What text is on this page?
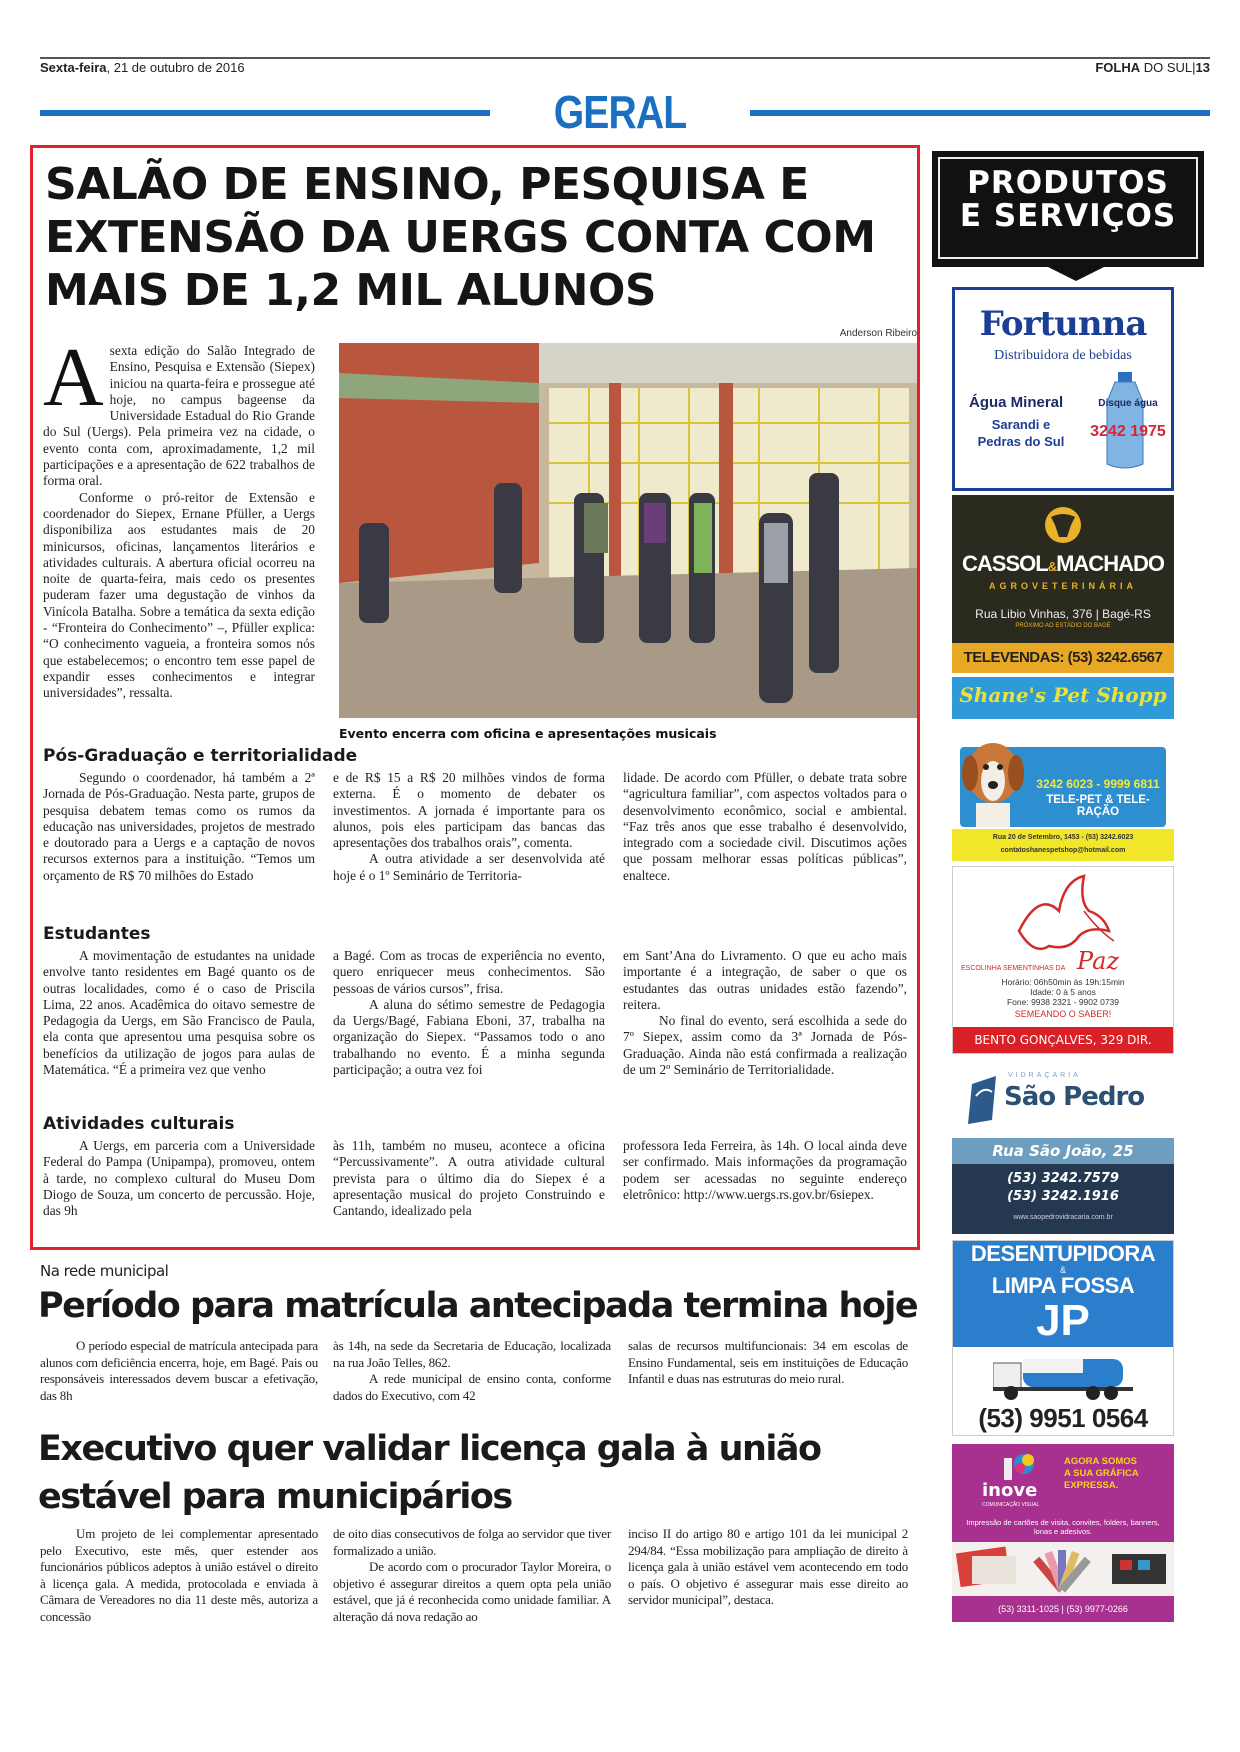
Sexta-feira, 21 de outubro de 2016	FOLHA DO SUL|13
GERAL
SALÃO DE ENSINO, PESQUISA E EXTENSÃO DA UERGS CONTA COM MAIS DE 1,2 MIL ALUNOS

Asexta edição do Salão Integrado de Ensino, Pesquisa e Extensão (Siepex) iniciou na quarta-feira e prossegue até hoje, no campus bageense da Universidade Estadual do Rio Grande do Sul (Uergs). Pela primeira vez na cidade, o evento conta com, aproximadamente, 1,2 mil participações e a apresentação de 622 trabalhos de forma oral.

Conforme o pró-reitor de Extensão e coordenador do Siepex, Ernane Pfüller, a Uergs disponibiliza aos estudantes mais de 20 minicursos, oficinas, lançamentos literários e atividades culturais. A abertura oficial ocorreu na noite de quarta-feira, mais cedo os presentes puderam fazer uma degustação de vinhos da Vinícola Batalha. Sobre a temática da sexta edição - “Fronteira do Conhecimento” –, Pfüller explica: “O conhecimento vagueia, a fronteira somos nós que estabelecemos; o encontro tem esse papel de expandir esses conhecimentos e integrar universidades”, ressalta.

Anderson Ribeiro
Evento encerra com oficina e apresentações musicais
Pós-Graduação e territorialidade

Segundo o coordenador, há também a 2ª Jornada de Pós-Graduação. Nesta parte, grupos de pesquisa debatem temas como os rumos da educação nas universidades, projetos de mestrado e doutorado para a Uergs e a captação de novos recursos externos para a instituição. “Temos um orçamento de R$ 70 milhões do Estado

e de R$ 15 a R$ 20 milhões vindos de forma externa. É o momento de debater os investimentos. A jornada é importante para os alunos, pois eles participam das bancas das apresentações dos trabalhos orais”, comenta.

A outra atividade a ser desenvolvida até hoje é o 1º Seminário de Territoria-

lidade. De acordo com Pfüller, o debate trata sobre “agricultura familiar”, com aspectos voltados para o desenvolvimento econômico, social e ambiental. “Faz três anos que esse trabalho é desenvolvido, integrado com a sociedade civil. Discutimos ações que possam melhorar essas políticas públicas”, enaltece.

Estudantes

A movimentação de estudantes na unidade envolve tanto residentes em Bagé quanto os de outras localidades, como é o caso de Priscila Lima, 22 anos. Acadêmica do oitavo semestre de Pedagogia da Uergs, em São Francisco de Paula, ela conta que apresentou uma pesquisa sobre os benefícios da utilização de jogos para aulas de Matemática. “É a primeira vez que venho

a Bagé. Com as trocas de experiência no evento, quero enriquecer meus conhecimentos. São pessoas de vários cursos”, frisa.

A aluna do sétimo semestre de Pedagogia da Uergs/Bagé, Fabiana Eboni, 37, trabalha na organização do Siepex. “Passamos todo o ano trabalhando no evento. É a minha segunda participação; a outra vez foi

em Sant’Ana do Livramento. O que eu acho mais importante é a integração, de saber o que os estudantes das outras unidades estão fazendo”, reitera.

No final do evento, será escolhida a sede do 7º Siepex, assim como da 3ª Jornada de Pós-Graduação. Ainda não está confirmada a realização de um 2º Seminário de Territorialidade.

Atividades culturais

A Uergs, em parceria com a Universidade Federal do Pampa (Unipampa), promoveu, ontem à tarde, no complexo cultural do Museu Dom Diogo de Souza, um concerto de percussão. Hoje, das 9h

às 11h, também no museu, acontece a oficina “Percussivamente”. A outra atividade cultural prevista para o último dia do Siepex é a apresentação musical do projeto Construindo e Cantando, idealizado pela

professora Ieda Ferreira, às 14h. O local ainda deve ser confirmado. Mais informações da programação podem ser acessadas no seguinte endereço eletrônico: http://www.uergs.rs.gov.br/6siepex.

Na rede municipal
Período para matrícula antecipada termina hoje

O período especial de matrícula antecipada para alunos com deficiência encerra, hoje, em Bagé. Pais ou responsáveis interessados devem buscar a efetivação, das 8h

às 14h, na sede da Secretaria de Educação, localizada na rua João Telles, 862.

A rede municipal de ensino conta, conforme dados do Executivo, com 42

salas de recursos multifuncionais: 34 em escolas de Ensino Fundamental, seis em instituições de Educação Infantil e duas nas estruturas do meio rural.

Executivo quer validar licença gala à união estável para municipários

Um projeto de lei complementar apresentado pelo Executivo, este mês, quer estender aos funcionários públicos adeptos à união estável o direito à licença gala. A medida, protocolada e enviada à Câmara de Vereadores no dia 11 deste mês, autoriza a concessão

de oito dias consecutivos de folga ao servidor que tiver formalizado a união.

De acordo com o procurador Taylor Moreira, o objetivo é assegurar direitos a quem opta pela união estável, que já é reconhecida como unidade familiar. A alteração dá nova redação ao

inciso II do artigo 80 e artigo 101 da lei municipal 2 294/84. “Essa mobilização para ampliação de direito à licença gala à união estável vem acontecendo em todo o país. O objetivo é assegurar mais esse direito ao servidor municipal”, destaca.

PRODUTOS
E SERVIÇOS
Fortunna
Distribuidora de bebidas
Água Mineral
Sarandi e
Pedras do Sul
Disque água
3242 1975
CASSOL&MACHADO
AGROVETERINÁRIA
Rua Libio Vinhas, 376 | Bagé-RS
PRÓXIMO AO ESTÁDIO DO BAGÉ
TELEVENDAS: (53) 3242.6567
Shane's Pet Shopp
3242 6023 - 9999 6811
TELE-PET & TELE-RAÇÃO
Rua 20 de Setembro, 1453 - (53) 3242.6023
contatoshanespetshop@hotmail.com
ESCOLINHA SEMENTINHAS DA Paz
Horário: 06h50min às 19h:15min
Idade: 0 à 5 anos
Fone: 9938 2321 - 9902 0739
SEMEANDO O SABER!
BENTO GONÇALVES, 329 DIR.
VIDRAÇARIA
São Pedro
Rua São João, 25
(53) 3242.7579
(53) 3242.1916
www.saopedrovidracaria.com.br
DESENTUPIDORA
&
LIMPA FOSSA
JP
(53) 9951 0564
inove
COMUNICAÇÃO VISUAL
AGORA SOMOS A SUA GRÁFICA EXPRESSA.
Impressão de cartões de visita, convites, folders, banners, lonas e adesivos.
(53) 3311-1025 | (53) 9977-0266
